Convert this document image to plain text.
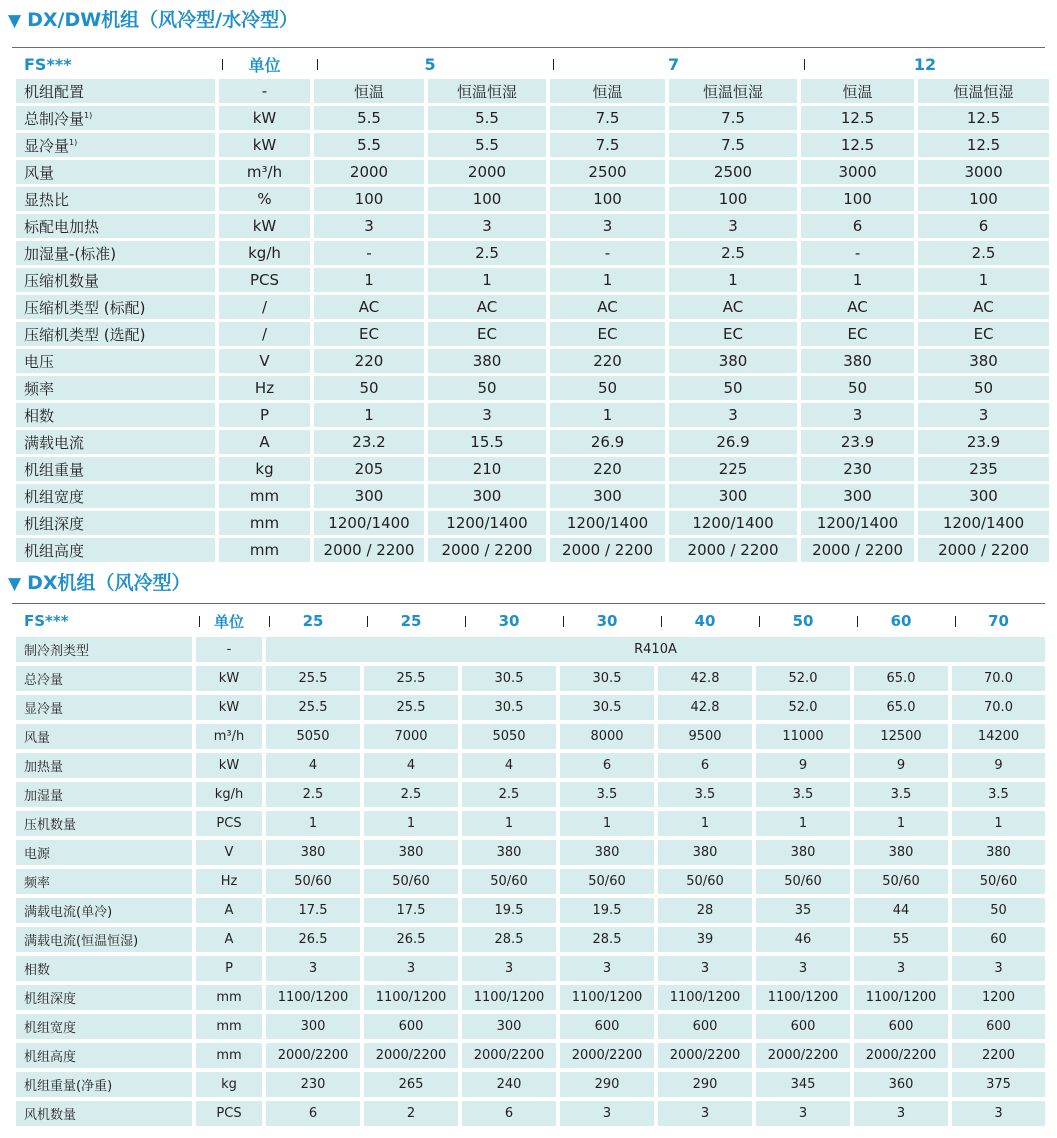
▼ DX/DW机组（风冷型/水冷型）
FS***	单位	5		7		12	
机组配置	-	恒温	恒温恒湿	恒温	恒温恒湿	恒温	恒温恒湿
总制冷量$^{1)}$	kW	5.5	5.5	7.5	7.5	12.5	12.5
显冷量$^{1)}$	kW	5.5	5.5	7.5	7.5	12.5	12.5
风量	m³/h	2000	2000	2500	2500	3000	3000
显热比	%	100	100	100	100	100	100
标配电加热	kW	3	3	3	3	6	6
加湿量-(标准)	kg/h	-	2.5	-	2.5	-	2.5
压缩机数量	PCS	1	1	1	1	1	1
压缩机类型 (标配)	/	AC	AC	AC	AC	AC	AC
压缩机类型 (选配)	/	EC	EC	EC	EC	EC	EC
电压	V	220	380	220	380	380	380
频率	Hz	50	50	50	50	50	50
相数	P	1	3	1	3	3	3
满载电流	A	23.2	15.5	26.9	26.9	23.9	23.9
机组重量	kg	205	210	220	225	230	235
机组宽度	mm	300	300	300	300	300	300
机组深度	mm	1200/1400	1200/1400	1200/1400	1200/1400	1200/1400	1200/1400
机组高度	mm	2000 / 2200	2000 / 2200	2000 / 2200	2000 / 2200	2000 / 2200	2000 / 2200
▼ DX机组（风冷型）
FS***	单位	25	25	30	30	40	50	60	70
制冷剂类型	-	R410A							
总冷量	kW	25.5	25.5	30.5	30.5	42.8	52.0	65.0	70.0
显冷量	kW	25.5	25.5	30.5	30.5	42.8	52.0	65.0	70.0
风量	m³/h	5050	7000	5050	8000	9500	11000	12500	14200
加热量	kW	4	4	4	6	6	9	9	9
加湿量	kg/h	2.5	2.5	2.5	3.5	3.5	3.5	3.5	3.5
压机数量	PCS	1	1	1	1	1	1	1	1
电源	V	380	380	380	380	380	380	380	380
频率	Hz	50/60	50/60	50/60	50/60	50/60	50/60	50/60	50/60
满载电流(单冷)	A	17.5	17.5	19.5	19.5	28	35	44	50
满载电流(恒温恒湿)	A	26.5	26.5	28.5	28.5	39	46	55	60
相数	P	3	3	3	3	3	3	3	3
机组深度	mm	1100/1200	1100/1200	1100/1200	1100/1200	1100/1200	1100/1200	1100/1200	1200
机组宽度	mm	300	600	300	600	600	600	600	600
机组高度	mm	2000/2200	2000/2200	2000/2200	2000/2200	2000/2200	2000/2200	2000/2200	2200
机组重量(净重)	kg	230	265	240	290	290	345	360	375
风机数量	PCS	6	2	6	3	3	3	3	3
